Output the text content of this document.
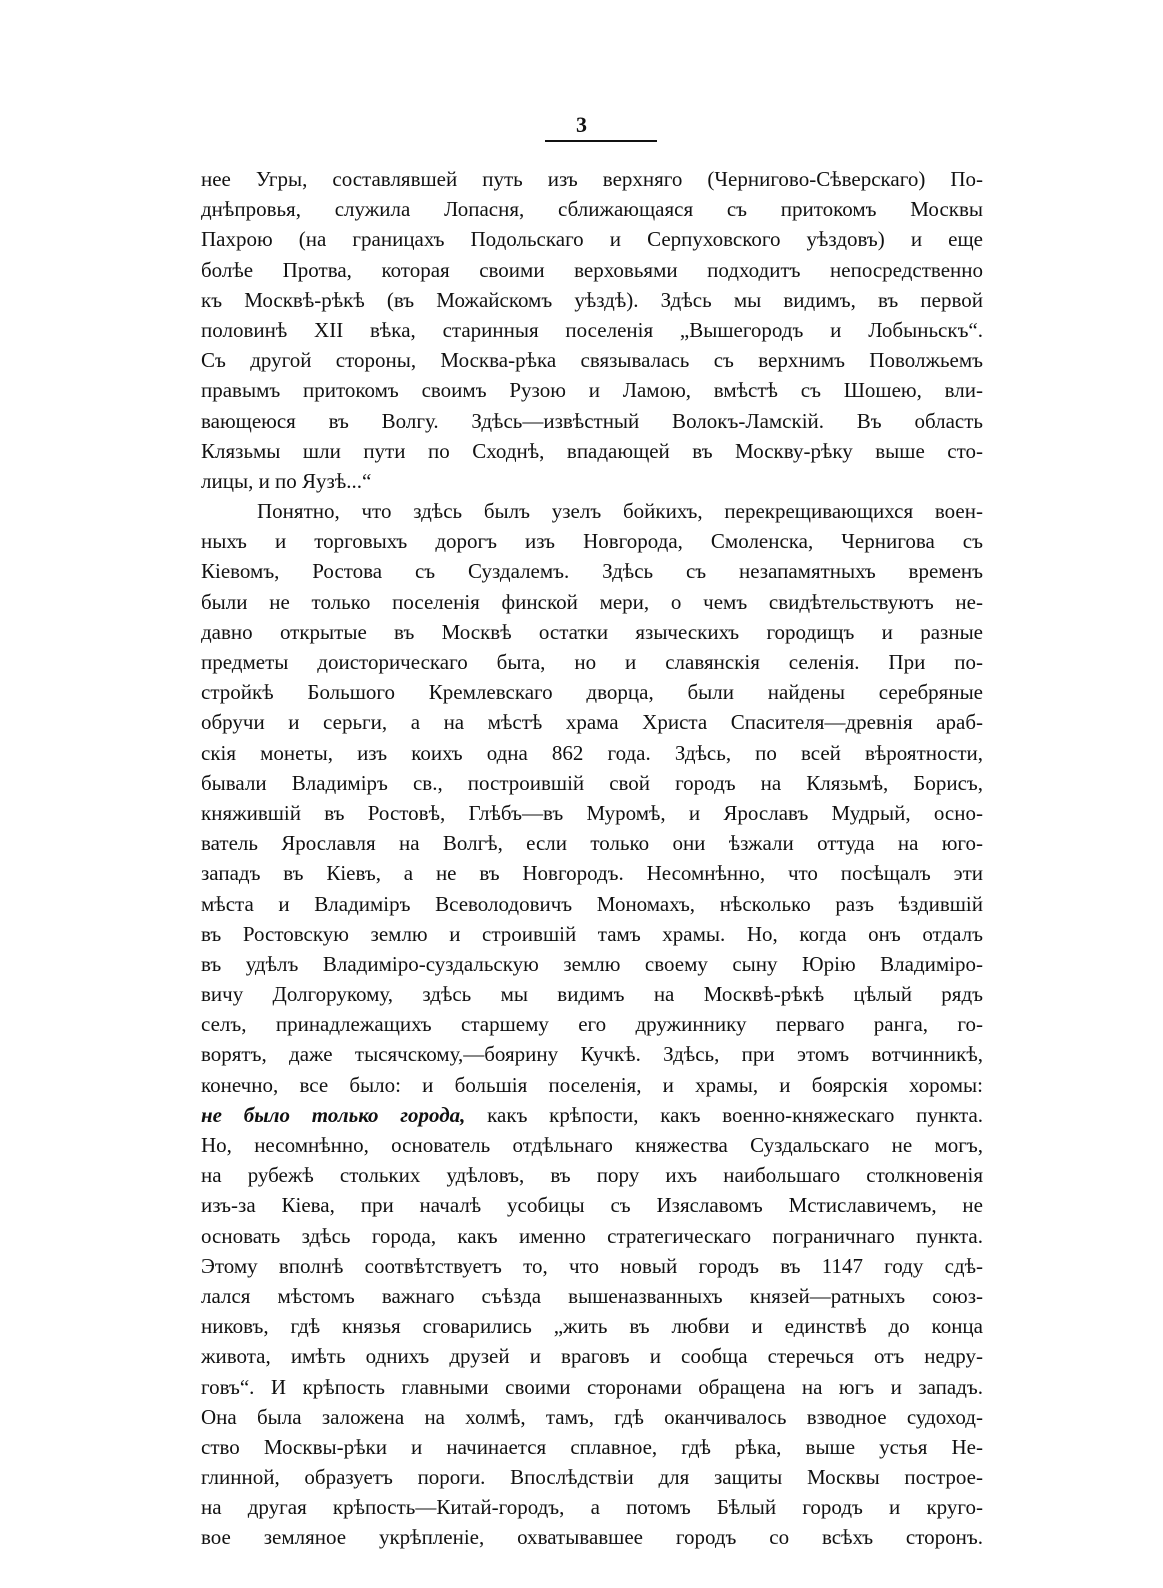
3
нее Угры, составлявшей путь изъ верхняго (Чернигово-Сѣверскаго) По-
днѣпровья, служила Лопасня, сближающаяся съ притокомъ Москвы
Пахрою (на границахъ Подольскаго и Серпуховского уѣздовъ) и еще
болѣе Протва, которая своими верховьями подходитъ непосредственно
къ Москвѣ-рѣкѣ (въ Можайскомъ уѣздѣ). Здѣсь мы видимъ, въ первой
половинѣ XII вѣка, старинныя поселенія „Вышегородъ и Лобыньскъ“.
Съ другой стороны, Москва-рѣка связывалась съ верхнимъ Поволжьемъ
правымъ притокомъ своимъ Рузою и Ламою, вмѣстѣ съ Шошею, вли-
вающеюся въ Волгу. Здѣсь—извѣстный Волокъ-Ламскій. Въ область
Клязьмы шли пути по Сходнѣ, впадающей въ Москву-рѣку выше сто-
лицы, и по Яузѣ...“
Понятно, что здѣсь былъ узелъ бойкихъ, перекрещивающихся воен-
ныхъ и торговыхъ дорогъ изъ Новгорода, Смоленска, Чернигова съ
Кіевомъ, Ростова съ Суздалемъ. Здѣсь съ незапамятныхъ временъ
были не только поселенія финской мери, о чемъ свидѣтельствуютъ не-
давно открытые въ Москвѣ остатки языческихъ городищъ и разные
предметы доисторическаго быта, но и славянскія селенія. При по-
стройкѣ Большого Кремлевскаго дворца, были найдены серебряные
обручи и серьги, а на мѣстѣ храма Христа Спасителя—древнія араб-
скія монеты, изъ коихъ одна 862 года. Здѣсь, по всей вѣроятности,
бывали Владиміръ св., построившій свой городъ на Клязьмѣ, Борисъ,
княжившій въ Ростовѣ, Глѣбъ—въ Муромѣ, и Ярославъ Мудрый, осно-
ватель Ярославля на Волгѣ, если только они ѣзжали оттуда на юго-
западъ въ Кіевъ, а не въ Новгородъ. Несомнѣнно, что посѣщалъ эти
мѣста и Владиміръ Всеволодовичъ Мономахъ, нѣсколько разъ ѣздившій
въ Ростовскую землю и строившій тамъ храмы. Но, когда онъ отдалъ
въ удѣлъ Владиміро-суздальскую землю своему сыну Юрію Владиміро-
вичу Долгорукому, здѣсь мы видимъ на Москвѣ-рѣкѣ цѣлый рядъ
селъ, принадлежащихъ старшему его дружиннику перваго ранга, го-
ворятъ, даже тысячскому,—боярину Кучкѣ. Здѣсь, при этомъ вотчинникѣ,
конечно, все было: и большія поселенія, и храмы, и боярскія хоромы:
не было только города, какъ крѣпости, какъ военно-княжескаго пункта.
Но, несомнѣнно, основатель отдѣльнаго княжества Суздальскаго не могъ,
на рубежѣ стольких удѣловъ, въ пору ихъ наибольшаго столкновенія
изъ-за Кіева, при началѣ усобицы съ Изяславомъ Мстиславичемъ, не
основать здѣсь города, какъ именно стратегическаго пограничнаго пункта.
Этому вполнѣ соотвѣтствуетъ то, что новый городъ въ 1147 году сдѣ-
лался мѣстомъ важнаго съѣзда вышеназванныхъ князей—ратныхъ союз-
никовъ, гдѣ князья сговарились „жить въ любви и единствѣ до конца
живота, имѣть однихъ друзей и враговъ и сообща стеречься отъ недру-
говъ“. И крѣпость главными своими сторонами обращена на югъ и западъ.
Она была заложена на холмѣ, тамъ, гдѣ оканчивалось взводное судоход-
ство Москвы-рѣки и начинается сплавное, гдѣ рѣка, выше устья Не-
глинной, образуетъ пороги. Впослѣдствіи для защиты Москвы построе-
на другая крѣпость—Китай-городъ, а потомъ Бѣлый городъ и круго-
вое земляное укрѣпленіе, охватывавшее городъ со всѣхъ сторонъ.
